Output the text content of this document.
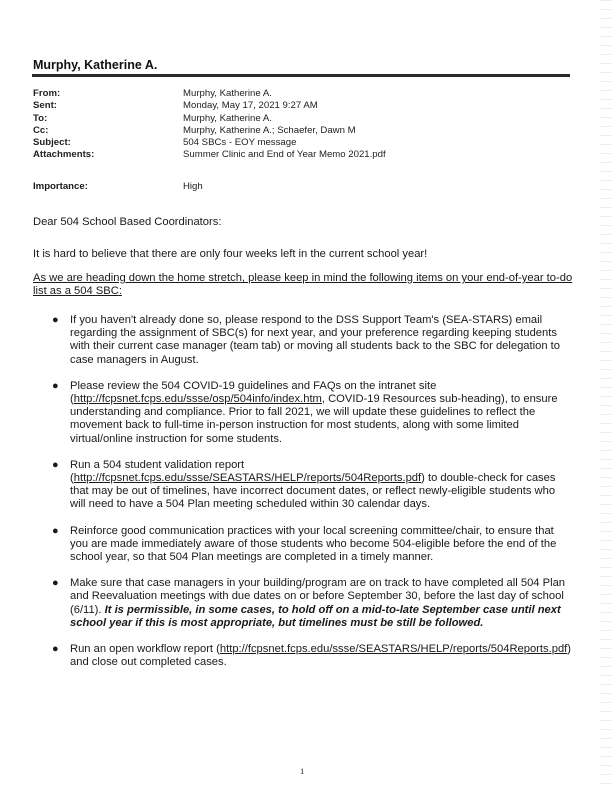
Murphy, Katherine A.
From:	Murphy, Katherine A.
Sent:	Monday, May 17, 2021 9:27 AM
To:	Murphy, Katherine A.
Cc:	Murphy, Katherine A.; Schaefer, Dawn M
Subject:	504 SBCs - EOY message
Attachments:	Summer Clinic and End of Year Memo 2021.pdf
Importance:	High
Dear 504 School Based Coordinators:
It is hard to believe that there are only four weeks left in the current school year!
As we are heading down the home stretch, please keep in mind the following items on your end-of-year to-do list as a 504 SBC:
● If you haven't already done so, please respond to the DSS Support Team's (SEA-STARS) email regarding the assignment of SBC(s) for next year, and your preference regarding keeping students with their current case manager (team tab) or moving all students back to the SBC for delegation to case managers in August.
● Please review the 504 COVID-19 guidelines and FAQs on the intranet site (http://fcpsnet.fcps.edu/ssse/osp/504info/index.htm, COVID-19 Resources sub-heading), to ensure understanding and compliance. Prior to fall 2021, we will update these guidelines to reflect the movement back to full-time in-person instruction for most students, along with some limited virtual/online instruction for some students.
● Run a 504 student validation report (http://fcpsnet.fcps.edu/ssse/SEASTARS/HELP/reports/504Reports.pdf) to double-check for cases that may be out of timelines, have incorrect document dates, or reflect newly-eligible students who will need to have a 504 Plan meeting scheduled within 30 calendar days.
● Reinforce good communication practices with your local screening committee/chair, to ensure that you are made immediately aware of those students who become 504-eligible before the end of the school year, so that 504 Plan meetings are completed in a timely manner.
● Make sure that case managers in your building/program are on track to have completed all 504 Plan and Reevaluation meetings with due dates on or before September 30, before the last day of school (6/11). It is permissible, in some cases, to hold off on a mid-to-late September case until next school year if this is most appropriate, but timelines must be still be followed.
● Run an open workflow report (http://fcpsnet.fcps.edu/ssse/SEASTARS/HELP/reports/504Reports.pdf) and close out completed cases.
1
